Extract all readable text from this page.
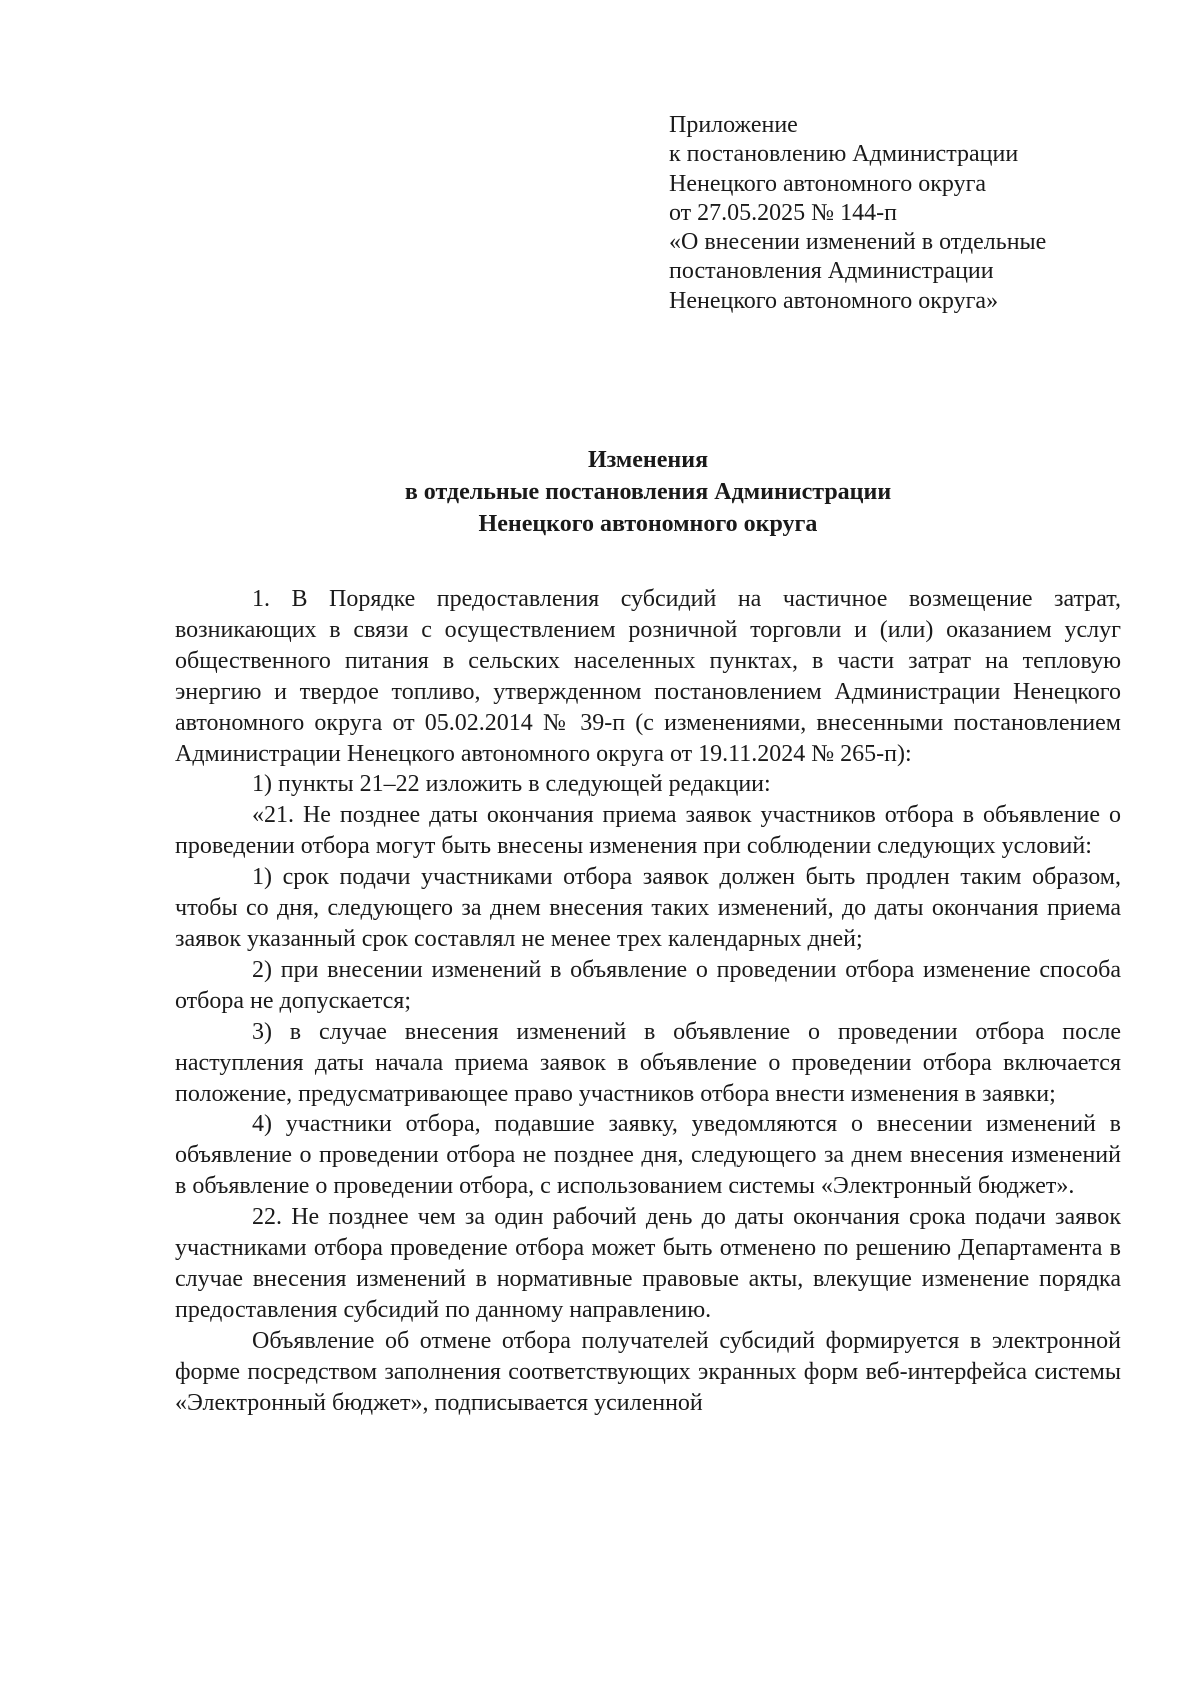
Приложение
к постановлению Администрации
Ненецкого автономного округа
от 27.05.2025 № 144-п
«О внесении изменений в отдельные
постановления Администрации
Ненецкого автономного округа»
Изменения
в отдельные постановления Администрации
Ненецкого автономного округа

1. В Порядке предоставления субсидий на частичное возмещение затрат, возникающих в связи с осуществлением розничной торговли и (или) оказанием услуг общественного питания в сельских населенных пунктах, в части затрат на тепловую энергию и твердое топливо, утвержденном постановлением Администрации Ненецкого автономного округа от 05.02.2014 № 39-п (с изменениями, внесенными постановлением Администрации Ненецкого автономного округа от 19.11.2024 № 265-п):

1) пункты 21–22 изложить в следующей редакции:

«21. Не позднее даты окончания приема заявок участников отбора в объявление о проведении отбора могут быть внесены изменения при соблюдении следующих условий:

1) срок подачи участниками отбора заявок должен быть продлен таким образом, чтобы со дня, следующего за днем внесения таких изменений, до даты окончания приема заявок указанный срок составлял не менее трех календарных дней;

2) при внесении изменений в объявление о проведении отбора изменение способа отбора не допускается;

3) в случае внесения изменений в объявление о проведении отбора после наступления даты начала приема заявок в объявление о проведении отбора включается положение, предусматривающее право участников отбора внести изменения в заявки;

4) участники отбора, подавшие заявку, уведомляются о внесении изменений в объявление о проведении отбора не позднее дня, следующего за днем внесения изменений в объявление о проведении отбора, с использованием системы «Электронный бюджет».

22. Не позднее чем за один рабочий день до даты окончания срока подачи заявок участниками отбора проведение отбора может быть отменено по решению Департамента в случае внесения изменений в нормативные правовые акты, влекущие изменение порядка предоставления субсидий по данному направлению.

Объявление об отмене отбора получателей субсидий формируется в электронной форме посредством заполнения соответствующих экранных форм веб-интерфейса системы «Электронный бюджет», подписывается усиленной
